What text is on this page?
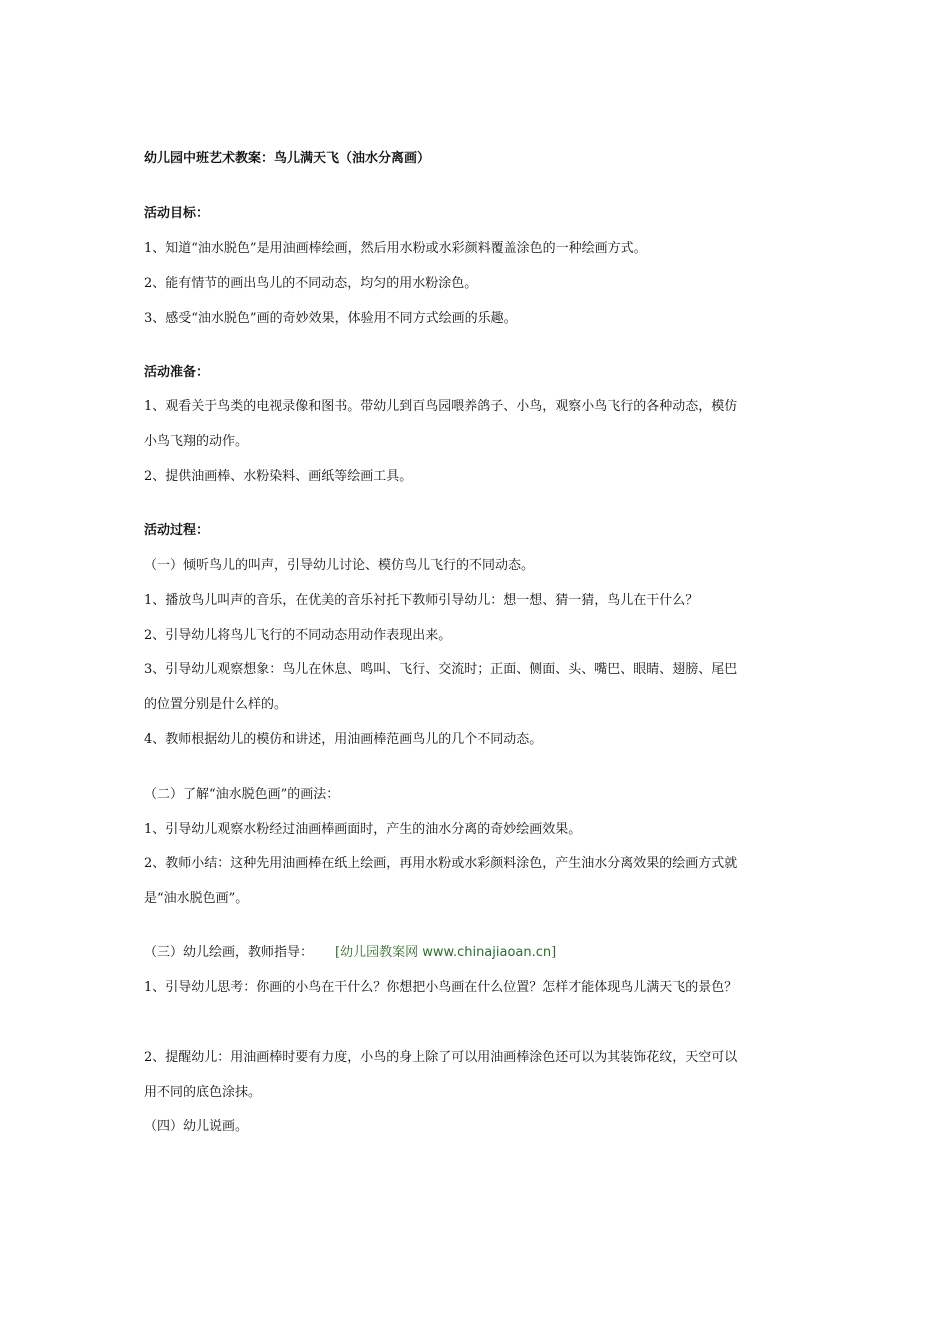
幼儿园中班艺术教案：鸟儿满天飞（油水分离画）
活动目标：
1、知道“油水脱色”是用油画棒绘画，然后用水粉或水彩颜料覆盖涂色的一种绘画方式。
2、能有情节的画出鸟儿的不同动态，均匀的用水粉涂色。
3、感受“油水脱色”画的奇妙效果，体验用不同方式绘画的乐趣。
活动准备：
1、观看关于鸟类的电视录像和图书。带幼儿到百鸟园喂养鸽子、小鸟，观察小鸟飞行的各种动态，模仿
小鸟飞翔的动作。
2、提供油画棒、水粉染料、画纸等绘画工具。
活动过程：
（一）倾听鸟儿的叫声，引导幼儿讨论、模仿鸟儿飞行的不同动态。
1、播放鸟儿叫声的音乐，在优美的音乐衬托下教师引导幼儿：想一想、猜一猜，鸟儿在干什么？
2、引导幼儿将鸟儿飞行的不同动态用动作表现出来。
3、引导幼儿观察想象：鸟儿在休息、鸣叫、飞行、交流时；正面、侧面、头、嘴巴、眼睛、翅膀、尾巴
的位置分别是什么样的。
4、教师根据幼儿的模仿和讲述，用油画棒范画鸟儿的几个不同动态。
（二）了解“油水脱色画”的画法：
1、引导幼儿观察水粉经过油画棒画面时，产生的油水分离的奇妙绘画效果。
2、教师小结：这种先用油画棒在纸上绘画，再用水粉或水彩颜料涂色，产生油水分离效果的绘画方式就
是“油水脱色画”。
（三）幼儿绘画，教师指导： [幼儿园教案网 www.chinajiaoan.cn]
1、引导幼儿思考：你画的小鸟在干什么？你想把小鸟画在什么位置？怎样才能体现鸟儿满天飞的景色？
2、提醒幼儿：用油画棒时要有力度，小鸟的身上除了可以用油画棒涂色还可以为其装饰花纹，天空可以
用不同的底色涂抹。
（四）幼儿说画。
